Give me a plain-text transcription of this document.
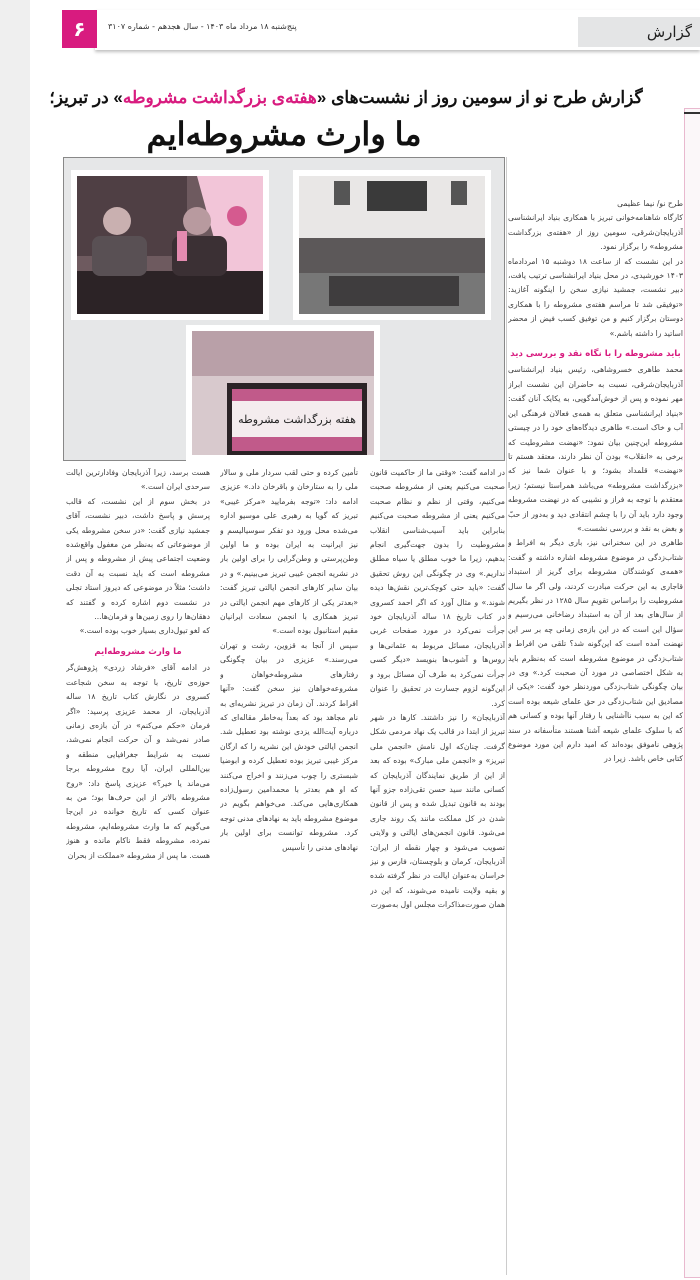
۶	پنج‌شنبه ۱۸ مرداد ماه ۱۴۰۳ - سال هجدهم - شماره ۳۱۰۷	گزارش
گزارش طرح نو از سومین روز از نشست‌های «هفته‌ی بزرگداشت مشروطه» در تبریز؛
ما وارث مشروطه‌ایم
هفته بزرگداشت مشروطه

طرح نو/ نیما عظیمی

کارگاه شاهنامه‌خوانی تبریز با همکاری بنیاد ایرانشناسی آذربایجان‌شرقی، سومین روز از «هفته‌ی بزرگداشت مشروطه» را برگزار نمود.

در این نشست که از ساعت ۱۸ دوشنبه ۱۵ امردادماه ۱۴۰۳ خورشیدی، در محل بنیاد ایرانشناسی ترتیب یافت، دبیر نشست، جمشید نیازی سخن را اینگونه آغازید: «توفیقی شد تا مراسم هفته‌ی مشروطه را با همکاری دوستان برگزار کنیم و من توفیق کسب فیض از محضر اساتید را داشته باشم.»

باید مشروطه را با نگاه نقد و بررسی دید

محمد طاهری خسروشاهی، رئیس بنیاد ایرانشناسی آذربایجان‌شرقی، نسبت به حاضران این نشست ابراز مهر نموده و پس از خوش‌آمدگویی، به یکایک آنان گفت: «بنیاد ایرانشناسی متعلق به همه‌ی فعالان فرهنگی این آب و خاک است.» طاهری دیدگاه‌های خود را در چیستی مشروطه این‌چنین بیان نمود: «نهضت مشروطیت که برخی به «انقلاب» بودن آن نظر دارند، معتقد هستم تا «نهضت» قلمداد بشود؛ و با عنوان شما نیز که «بزرگداشت مشروطه» می‌باشد همراستا نیستم؛ زیرا معتقدم با توجه به فراز و نشیبی که در نهضت مشروطه وجود دارد باید آن را با چشم انتقادی دید و به‌دور از حبّ و بغض به نقد و بررسی نشست.»

طاهری در این سخنرانی نیز، باری دیگر به افراط و شتاب‌زدگی در موضوع مشروطه اشاره داشته و گفت: «همه‌ی کوشندگان مشروطه برای گریز از استبداد قاجاری به این حرکت مبادرت کردند، ولی اگر ما سال مشروطیت را براساس تقویمِ سال ۱۲۸۵ در نظر بگیریم از سال‌های بعد از آن به استبداد رضاخانی می‌رسیم و سؤال این است که در این بازه‌ی زمانی چه بر سر این نهضت آمده است که این‌گونه شد؟ تلقی من افراط و شتاب‌زدگی در موضوع مشروطه است که به‌نظرم باید به شکل اختصاصی در مورد آن صحبت کرد.» وی در بیان چگونگی شتاب‌زدگی موردنظر خود گفت: «یکی از مصادیق این شتاب‌زدگی در حق علمای شیعه بوده است که این به سبب ناآشنایی با رفتار آنها بوده و کسانی هم که با سلوک علمای شیعه آشنا هستند متأسفانه در سند پژوهی ناموفق بوده‌اند که امید دارم این مورد موضوع کتابی خاص باشد. زیرا در

در ادامه گفت: «وقتی ما از حاکمیت قانون صحبت می‌کنیم یعنی از مشروطه صحبت می‌کنیم، وقتی از نظم و نظام صحبت می‌کنیم یعنی از مشروطه صحبت می‌کنیم بنابراین باید آسیب‌شناسی انقلاب مشروطیت را بدون جهت‌گیری انجام بدهیم، زیرا ما خوب مطلق یا سیاه مطلق نداریم.» وی در چگونگی این روش تحقیق گفت: «باید حتی کوچک‌ترین نقش‌ها دیده شوند.» و مثال آورد که اگر احمد کسروی در کتاب تاریخ ۱۸ ساله آذربایجان خود جرأت نمی‌کرد در مورد صفحات غربی آذربایجان، مسائل مربوط به عثمانی‌ها و روس‌ها و آشوب‌ها بنویسد «دیگر کسی جرأت نمی‌کرد به طرف آن مسائل برود و این‌گونه لزوم جسارت در تحقیق را عنوان کرد.

آذربایجان» را نیز داشتند. کارها در شهر تبریز از ابتدا در قالب یک نهاد مردمی شکل گرفت. چنان‌که اول نامش «انجمن ملی تبریز» و «انجمن ملی مبارک» بوده که بعد از این از طریق نمایندگان آذربایجان که کسانی مانند سید حسن تقی‌زاده جزو آنها بودند به قانون تبدیل شده و پس از قانون شدن در کل مملکت مانند یک روند جاری می‌شود. قانون انجمن‌های ایالتی و ولایتی تصویب می‌شود و چهار نقطه از ایران: آذربایجان، کرمان و بلوچستان، فارس و نیز خراسان به‌عنوان ایالت در نظر گرفته شده و بقیه ولایت نامیده می‌شوند، که این در همان صورت‌مذاکرات مجلس اول به‌صورت

تأمین کرده و حتی لقب سردار ملی و سالار ملی را به ستارخان و باقرخان داد.» عزیزی ادامه داد: «توجه بفرمایید «مرکز غیبی» تبریز که گویا به رهبری علی موسیو اداره می‌شده محل ورود دو تفکر سوسیالیسم و نیز ایرانیت به ایران بوده و ما اولین وطن‌پرستی و وطن‌گرایی را برای اولین بار در نشریه انجمن غیبی تبریز می‌بینیم.» و در بیان سایر کارهای انجمن ایالتی تبریز گفت: «بعدتر یکی از کارهای مهم انجمن ایالتی در تبریز همکاری با انجمن سعادت ایرانیان مقیم استانبول بوده است.»

سپس از آنجا به قزوین، رشت و تهران می‌رسند.» عزیزی در بیان چگونگی رفتارهای مشروطه‌خواهان و مشروعه‌خواهان نیز سخن گفت: «آنها افراط کردند. آن زمان در تبریز نشریه‌ای به نام مجاهد بود که بعداً به‌خاطر مقاله‌ای که درباره آیت‌الله یزدی نوشته بود تعطیل شد. انجمن ایالتی خودش این نشریه را که ارگان مرکز غیبی تبریز بوده تعطیل کرده و ابوضیا شبستری را چوب می‌زنند و اخراج می‌کنند که او هم بعدتر با محمدامین رسول‌زاده همکاری‌هایی می‌کند. می‌خواهم بگویم در موضوع مشروطه باید به نهادهای مدنی توجه کرد. مشروطه توانست برای اولین بار نهادهای مدنی را تأسیس

هست برسد، زیرا آذربایجان وفادارترین ایالت سرحدی ایران است.»

در بخش سوم از این نشست، که قالب پرسش و پاسخ داشت، دبیر نشست، آقای جمشید نیازی گفت: «در سخن مشروطه یکی از موضوعاتی که به‌نظر من مغفول واقع‌شده وضعیت اجتماعی پیش از مشروطه و پس از مشروطه است که باید نسبت به آن دقت داشت؛ مثلاً در موضوعی که دیروز استاد تجلی در نشست دوم اشاره کرده و گفتند که دهقان‌ها را روی زمین‌ها و فرمان‌ها...

که لغو تیول‌داری بسیار خوب بوده است.»

ما وارث مشروطه‌ایم

در ادامه آقای «فرشاد زردی» پژوهش‌گر حوزه‌ی تاریخ، با توجه به سخن شجاعت کسروی در نگارش کتاب تاریخ ۱۸ ساله آذربایجان، از محمد عزیزی پرسید: «اگر فرمان «حکم می‌کنم» در آن بازه‌ی زمانی صادر نمی‌شد و آن حرکت انجام نمی‌شد، نسبت به شرایط جغرافیایی منطقه و بین‌المللی ایران، آیا روح مشروطه برجا می‌ماند یا خیر؟» عزیزی پاسخ داد: «روح مشروطه بالاتر از این حرف‌ها بود؛ من به عنوان کسی که تاریخ خوانده در این‌جا می‌گویم که ما وارث مشروطه‌ایم، مشروطه نمرده، مشروطه فقط ناکام مانده و هنوز هست. ما پس از مشروطه «مملکت از بحران
